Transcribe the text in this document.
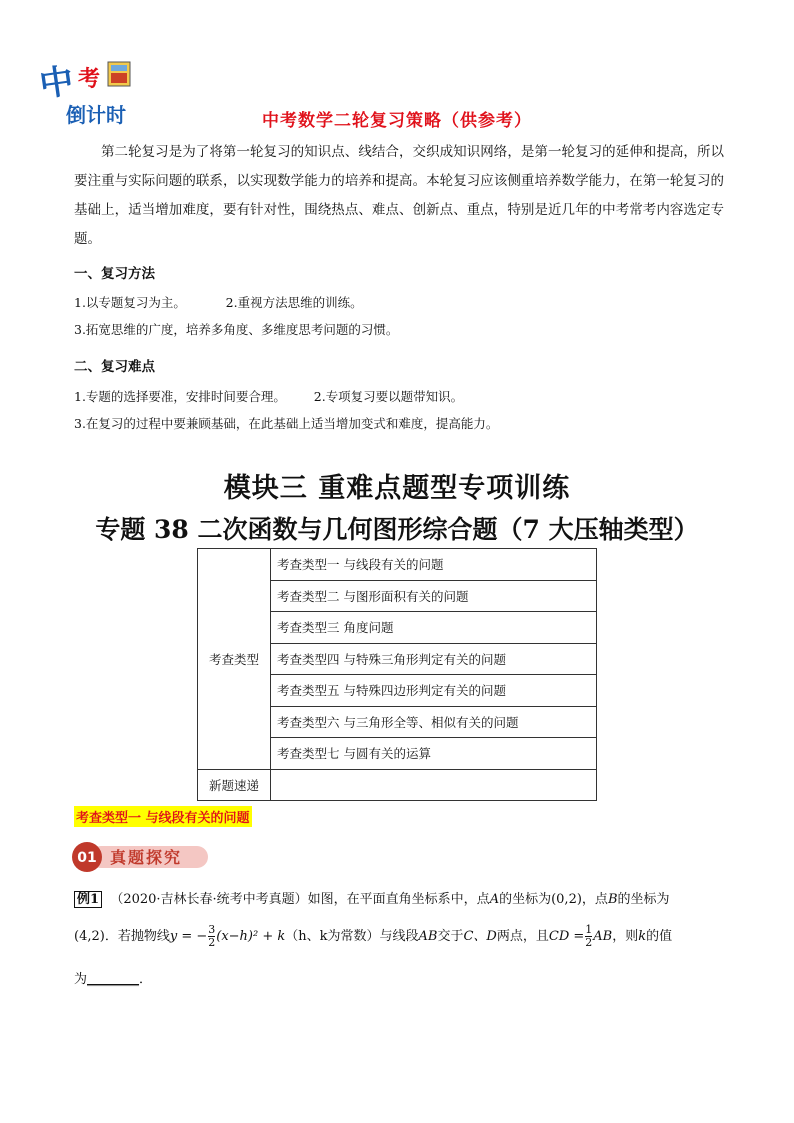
中 考
倒计时	中考数学二轮复习策略（供参考）
第二轮复习是为了将第一轮复习的知识点、线结合，交织成知识网络，是第一轮复习的延伸和提高，所以要注重与实际问题的联系，以实现数学能力的培养和提高。本轮复习应该侧重培养数学能力，在第一轮复习的基础上，适当增加难度，要有针对性，围绕热点、难点、创新点、重点，特别是近几年的中考常考内容选定专题。
一、复习方法
1.以专题复习为主。          2.重视方法思维的训练。
3.拓宽思维的广度，培养多角度、多维度思考问题的习惯。
二、复习难点
1.专题的选择要准，安排时间要合理。       2.专项复习要以题带知识。
3.在复习的过程中要兼顾基础，在此基础上适当增加变式和难度，提高能力。
模块三 重难点题型专项训练
专题 38 二次函数与几何图形综合题（7 大压轴类型）
考查类型	考查类型一 与线段有关的问题
	考查类型二 与图形面积有关的问题
	考查类型三 角度问题
	考查类型四 与特殊三角形判定有关的问题
	考查类型五 与特殊四边形判定有关的问题
	考查类型六 与三角形全等、相似有关的问题
	考查类型七 与圆有关的运算
新题速递	
考查类型一 与线段有关的问题
01 真题探究
例1 （2020·吉林长春·统考中考真题）如图，在平面直角坐标系中，点A的坐标为(0,2)，点B的坐标为
(4,2)．若抛物线y = − $\frac{3}{2} (x-h)^2 + k(h$、k为常数）与线段AB交于C、D两点，且CD = $\frac{1}{2}$ AB，则k的值
为________．
